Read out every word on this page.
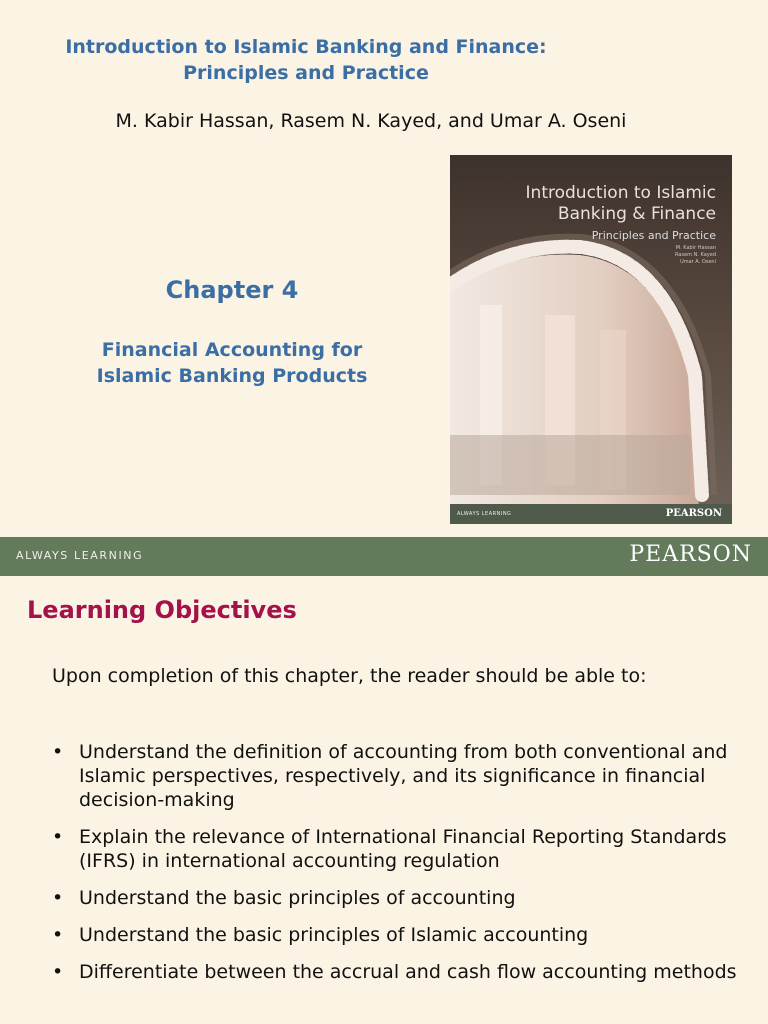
Introduction to Islamic Banking and Finance:
Principles and Practice
M. Kabir Hassan, Rasem N. Kayed, and Umar A. Oseni
Chapter 4
Financial Accounting for
Islamic Banking Products
Introduction to Islamic
Banking & Finance
Principles and Practice
M. Kabir Hassan
Rasem N. Kayed
Umar A. Oseni
ALWAYS LEARNING	PEARSON
ALWAYS LEARNING	PEARSON
Learning Objectives
Upon completion of this chapter, the reader should be able to:
• Understand the definition of accounting from both conventional and Islamic perspectives, respectively, and its significance in financial decision-making
• Explain the relevance of International Financial Reporting Standards (IFRS) in international accounting regulation
• Understand the basic principles of accounting
• Understand the basic principles of Islamic accounting
• Differentiate between the accrual and cash flow accounting methods
